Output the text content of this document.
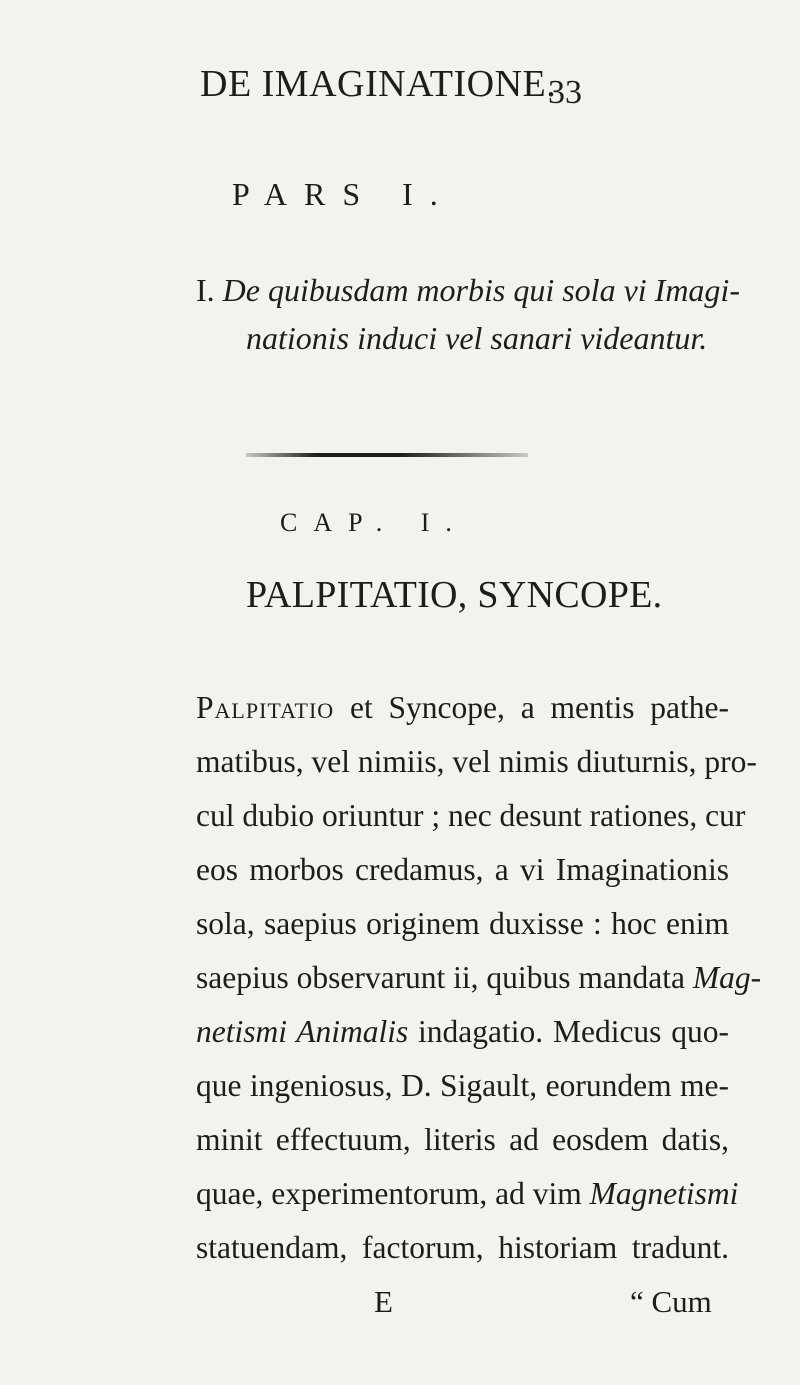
DE IMAGINATIONE.
33
PARS I.
I. De quibusdam morbis qui sola vi Imagi-
nationis induci vel sanari videantur.
CAP. I.
PALPITATIO, SYNCOPE.
Palpitatio et Syncope, a mentis pathe-
matibus, vel nimiis, vel nimis diuturnis, pro-
cul dubio oriuntur ; nec desunt rationes, cur
eos morbos credamus, a vi Imaginationis
sola, saepius originem duxisse : hoc enim
saepius observarunt ii, quibus mandata Mag-
netismi Animalis indagatio. Medicus quo-
que ingeniosus, D. Sigault, eorundem me-
minit effectuum, literis ad eosdem datis,
quae, experimentorum, ad vim Magnetismi
statuendam, factorum, historiam tradunt.
E	“ Cum
